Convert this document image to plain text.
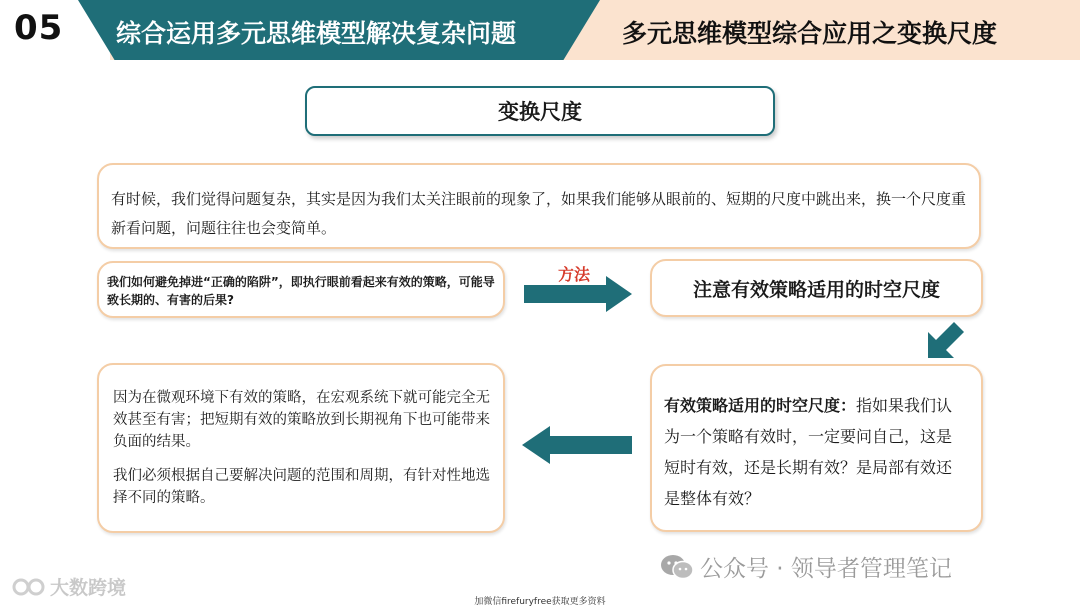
05 综合运用多元思维模型解决复杂问题	多元思维模型综合应用之变换尺度
变换尺度
有时候，我们觉得问题复杂，其实是因为我们太关注眼前的现象了，如果我们能够从眼前的、短期的尺度中跳出来，换一个尺度重新看问题，问题往往也会变简单。
我们如何避免掉进“正确的陷阱”，即执行眼前看起来有效的策略，可能导致长期的、有害的后果?
方法
注意有效策略适用的时空尺度
有效策略适用的时空尺度：指如果我们认为一个策略有效时，一定要问自己，这是短时有效，还是长期有效？是局部有效还是整体有效？

因为在微观环境下有效的策略，在宏观系统下就可能完全无效甚至有害；把短期有效的策略放到长期视角下也可能带来负面的结果。

我们必须根据自己要解决问题的范围和周期，有针对性地选择不同的策略。

公众号 · 领导者管理笔记
大数跨境
加微信firefuryfree获取更多资料
